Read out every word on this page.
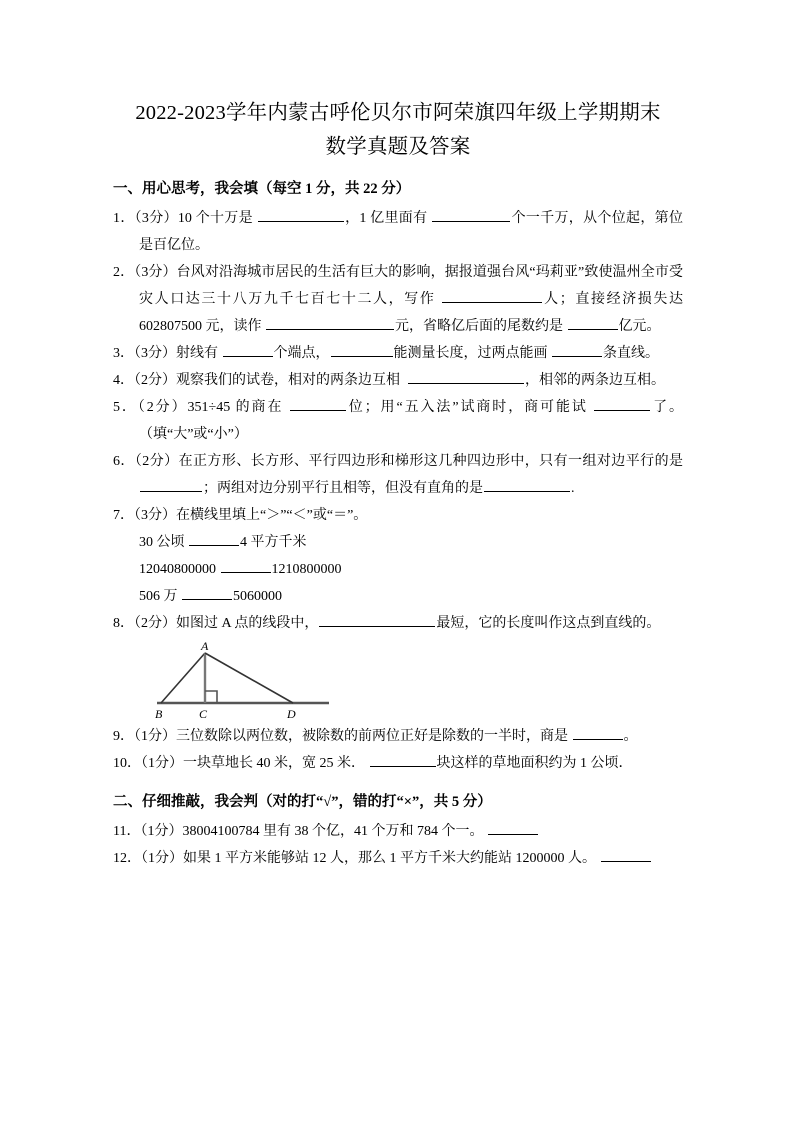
2022-2023学年内蒙古呼伦贝尔市阿荣旗四年级上学期期末
数学真题及答案
一、用心思考，我会填（每空 1 分，共 22 分）
1．（3分）10 个十万是	，1 亿里面有	个一千万，从个位起，第位是百亿位。
2．（3分）台风对沿海城市居民的生活有巨大的影响，据报道强台风“玛莉亚”致使温州全市受灾人口达三十八万九千七百七十二人，写作	人；直接经济损失达 602807500 元，读作	元，省略亿后面的尾数约是	亿元。
3．（3分）射线有	个端点，	能测量长度，过两点能画	条直线。
4．（2分）观察我们的试卷，相对的两条边互相	，相邻的两条边互相。
5．（2分）351÷45 的商在	位；用“五入法”试商时，商可能试	了。（填“大”或“小”）
6．（2分）在正方形、长方形、平行四边形和梯形这几种四边形中，只有一组对边平行的是；两组对边分别平行且相等，但没有直角的是	.
7．（3分）在横线里填上“＞”“＜”或“＝”。
30 公顷	4 平方千米
12040800000	1210800000
506 万	5060000
8．（2分）如图过 A 点的线段中，	最短，它的长度叫作这点到直线的。
A
B	C	D
9．（1分）三位数除以两位数，被除数的前两位正好是除数的一半时，商是	。
10．（1分）一块草地长 40 米，宽 25 米．	块这样的草地面积约为 1 公顷．
二、仔细推敲，我会判（对的打“√”，错的打“×”，共 5 分）
11．（1分）38004100784 里有 38 个亿，41 个万和 784 个一。
12．（1分）如果 1 平方米能够站 12 人，那么 1 平方千米大约能站 1200000 人。
